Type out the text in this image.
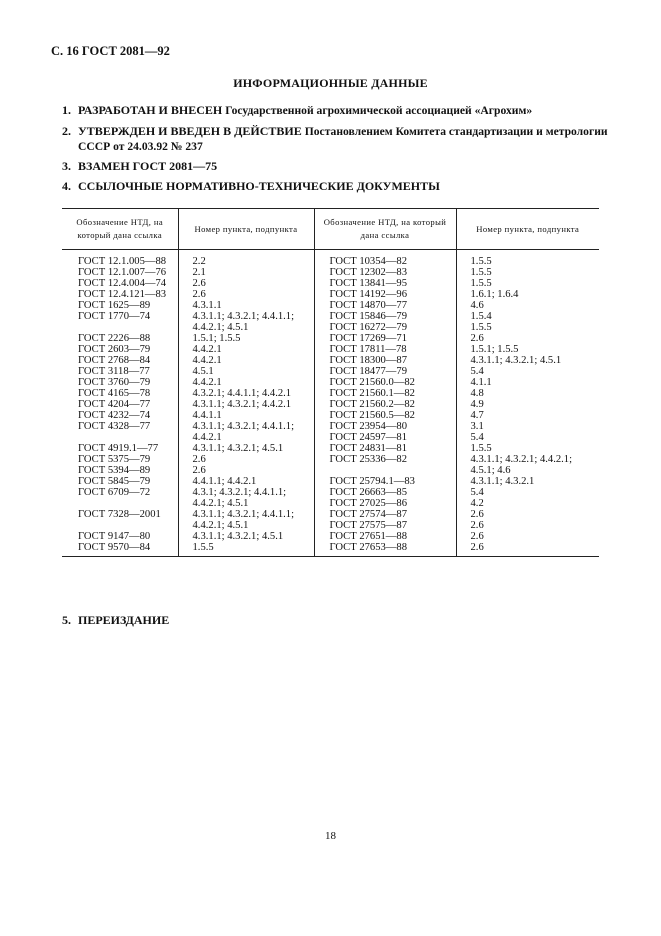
С. 16 ГОСТ 2081—92
ИНФОРМАЦИОННЫЕ ДАННЫЕ
1. РАЗРАБОТАН И ВНЕСЕН Государственной агрохимической ассоциацией «Агрохим»
2. УТВЕРЖДЕН И ВВЕДЕН В ДЕЙСТВИЕ Постановлением Комитета стандартизации и метрологии СССР от 24.03.92 № 237
3. ВЗАМЕН ГОСТ 2081—75
4. ССЫЛОЧНЫЕ НОРМАТИВНО-ТЕХНИЧЕСКИЕ ДОКУМЕНТЫ
Обозначение НТД, на который дана ссылка	Номер пункта, подпункта	Обозначение НТД, на который дана ссылка	Номер пункта, подпункта
ГОСТ 12.1.005—88	2.2	ГОСТ 10354—82	1.5.5
ГОСТ 12.1.007—76	2.1	ГОСТ 12302—83	1.5.5
ГОСТ 12.4.004—74	2.6	ГОСТ 13841—95	1.5.5
ГОСТ 12.4.121—83	2.6	ГОСТ 14192—96	1.6.1; 1.6.4
ГОСТ 1625—89	4.3.1.1	ГОСТ 14870—77	4.6
ГОСТ 1770—74	4.3.1.1; 4.3.2.1; 4.4.1.1;	ГОСТ 15846—79	1.5.4
	4.4.2.1; 4.5.1	ГОСТ 16272—79	1.5.5
ГОСТ 2226—88	1.5.1; 1.5.5	ГОСТ 17269—71	2.6
ГОСТ 2603—79	4.4.2.1	ГОСТ 17811—78	1.5.1; 1.5.5
ГОСТ 2768—84	4.4.2.1	ГОСТ 18300—87	4.3.1.1; 4.3.2.1; 4.5.1
ГОСТ 3118—77	4.5.1	ГОСТ 18477—79	5.4
ГОСТ 3760—79	4.4.2.1	ГОСТ 21560.0—82	4.1.1
ГОСТ 4165—78	4.3.2.1; 4.4.1.1; 4.4.2.1	ГОСТ 21560.1—82	4.8
ГОСТ 4204—77	4.3.1.1; 4.3.2.1; 4.4.2.1	ГОСТ 21560.2—82	4.9
ГОСТ 4232—74	4.4.1.1	ГОСТ 21560.5—82	4.7
ГОСТ 4328—77	4.3.1.1; 4.3.2.1; 4.4.1.1;	ГОСТ 23954—80	3.1
	4.4.2.1	ГОСТ 24597—81	5.4
ГОСТ 4919.1—77	4.3.1.1; 4.3.2.1; 4.5.1	ГОСТ 24831—81	1.5.5
ГОСТ 5375—79	2.6	ГОСТ 25336—82	4.3.1.1; 4.3.2.1; 4.4.2.1;
ГОСТ 5394—89	2.6		4.5.1; 4.6
ГОСТ 5845—79	4.4.1.1; 4.4.2.1	ГОСТ 25794.1—83	4.3.1.1; 4.3.2.1
ГОСТ 6709—72	4.3.1; 4.3.2.1; 4.4.1.1;	ГОСТ 26663—85	5.4
	4.4.2.1; 4.5.1	ГОСТ 27025—86	4.2
ГОСТ 7328—2001	4.3.1.1; 4.3.2.1; 4.4.1.1;	ГОСТ 27574—87	2.6
	4.4.2.1; 4.5.1	ГОСТ 27575—87	2.6
ГОСТ 9147—80	4.3.1.1; 4.3.2.1; 4.5.1	ГОСТ 27651—88	2.6
ГОСТ 9570—84	1.5.5	ГОСТ 27653—88	2.6
5. ПЕРЕИЗДАНИЕ
18
